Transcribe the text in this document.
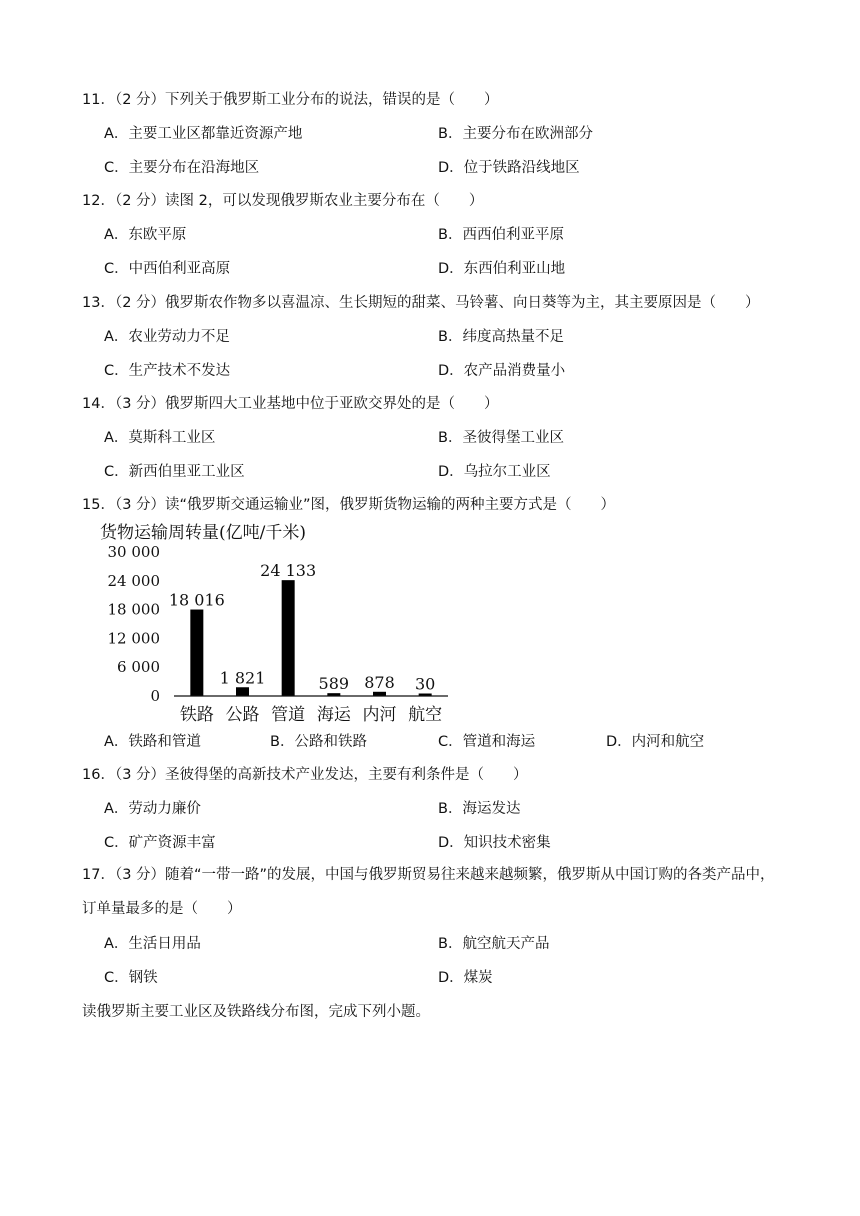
11．（2 分）下列关于俄罗斯工业分布的说法，错误的是（　　）
A．主要工业区都靠近资源产地	B．主要分布在欧洲部分
C．主要分布在沿海地区	D．位于铁路沿线地区
12．（2 分）读图 2，可以发现俄罗斯农业主要分布在（　　）
A．东欧平原	B．西西伯利亚平原
C．中西伯利亚高原	D．东西伯利亚山地
13．（2 分）俄罗斯农作物多以喜温凉、生长期短的甜菜、马铃薯、向日葵等为主，其主要原因是（　　）
A．农业劳动力不足	B．纬度高热量不足
C．生产技术不发达	D．农产品消费量小
14．（3 分）俄罗斯四大工业基地中位于亚欧交界处的是（　　）
A．莫斯科工业区	B．圣彼得堡工业区
C．新西伯里亚工业区	D．乌拉尔工业区
15．（3 分）读“俄罗斯交通运输业”图，俄罗斯货物运输的两种主要方式是（　　）
货物运输周转量(亿吨/千米)
0
6 000
12 000
18 000
24 000
30 000
18 016
1 821
24 133
589 878 30
铁路 公路 管道 海运 内河 航空
A．铁路和管道	B．公路和铁路	C．管道和海运	D．内河和航空
16．（3 分）圣彼得堡的高新技术产业发达，主要有利条件是（　　）
A．劳动力廉价	B．海运发达
C．矿产资源丰富	D．知识技术密集
17．（3 分）随着“一带一路”的发展，中国与俄罗斯贸易往来越来越频繁，俄罗斯从中国订购的各类产品中，订单量最多的是（　　）
A．生活日用品	B．航空航天产品
C．钢铁	D．煤炭
读俄罗斯主要工业区及铁路线分布图，完成下列小题。
